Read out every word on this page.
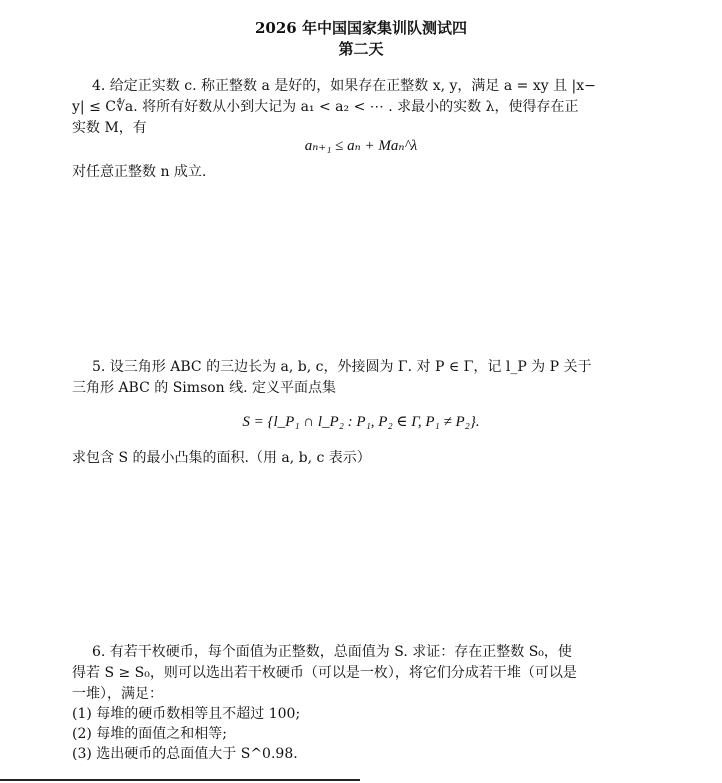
2026 年中国国家集训队测试四
第二天
4. 给定正实数 c. 称正整数 a 是好的，如果存在正整数 x, y，满足 a = xy 且 |x−
y| ≤ C∜a. 将所有好数从小到大记为 a₁ < a₂ < ⋯ . 求最小的实数 λ，使得存在正
实数 M，有
aₙ₊₁ ≤ aₙ + Maₙ^λ
对任意正整数 n 成立.
5. 设三角形 ABC 的三边长为 a, b, c，外接圆为 Γ. 对 P ∈ Γ，记 l_P 为 P 关于
三角形 ABC 的 Simson 线. 定义平面点集
S = {l_P₁ ∩ l_P₂ : P₁, P₂ ∈ Γ, P₁ ≠ P₂}.
求包含 S 的最小凸集的面积.（用 a, b, c 表示）
6. 有若干枚硬币，每个面值为正整数，总面值为 S. 求证：存在正整数 S₀，使
得若 S ≥ S₀，则可以选出若干枚硬币（可以是一枚），将它们分成若干堆（可以是
一堆），满足：
(1) 每堆的硬币数相等且不超过 100;
(2) 每堆的面值之和相等;
(3) 选出硬币的总面值大于 S^0.98.
